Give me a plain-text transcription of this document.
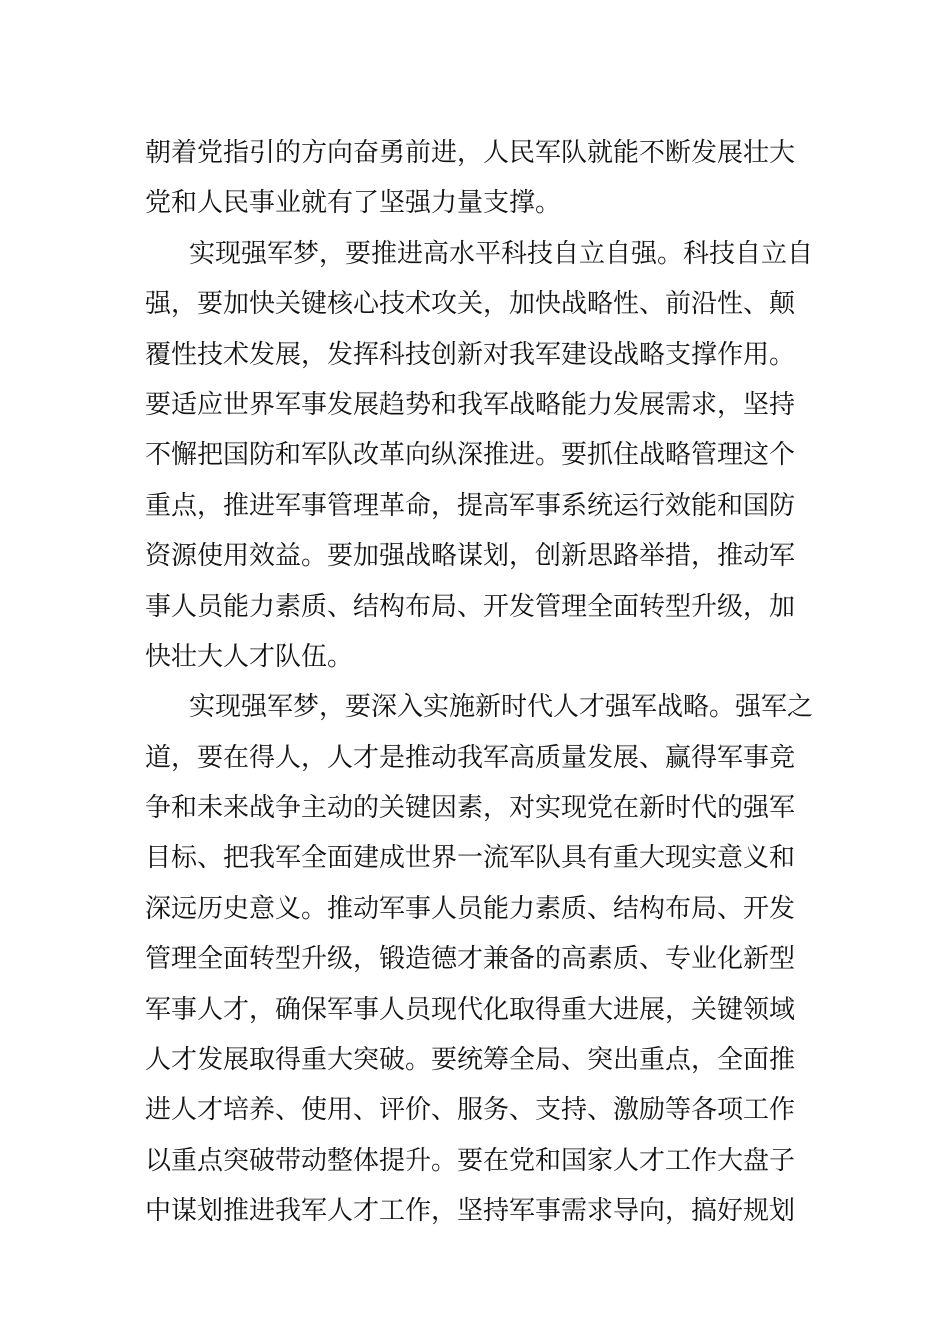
朝着党指引的方向奋勇前进，人民军队就能不断发展壮大
党和人民事业就有了坚强力量支撑。
实现强军梦，要推进高水平科技自立自强。科技自立自
强，要加快关键核心技术攻关，加快战略性、前沿性、颠
覆性技术发展，发挥科技创新对我军建设战略支撑作用。
要适应世界军事发展趋势和我军战略能力发展需求，坚持
不懈把国防和军队改革向纵深推进。要抓住战略管理这个
重点，推进军事管理革命，提高军事系统运行效能和国防
资源使用效益。要加强战略谋划，创新思路举措，推动军
事人员能力素质、结构布局、开发管理全面转型升级，加
快壮大人才队伍。
实现强军梦，要深入实施新时代人才强军战略。强军之
道，要在得人，人才是推动我军高质量发展、赢得军事竞
争和未来战争主动的关键因素，对实现党在新时代的强军
目标、把我军全面建成世界一流军队具有重大现实意义和
深远历史意义。推动军事人员能力素质、结构布局、开发
管理全面转型升级，锻造德才兼备的高素质、专业化新型
军事人才，确保军事人员现代化取得重大进展，关键领域
人才发展取得重大突破。要统筹全局、突出重点，全面推
进人才培养、使用、评价、服务、支持、激励等各项工作
以重点突破带动整体提升。要在党和国家人才工作大盘子
中谋划推进我军人才工作，坚持军事需求导向，搞好规划
